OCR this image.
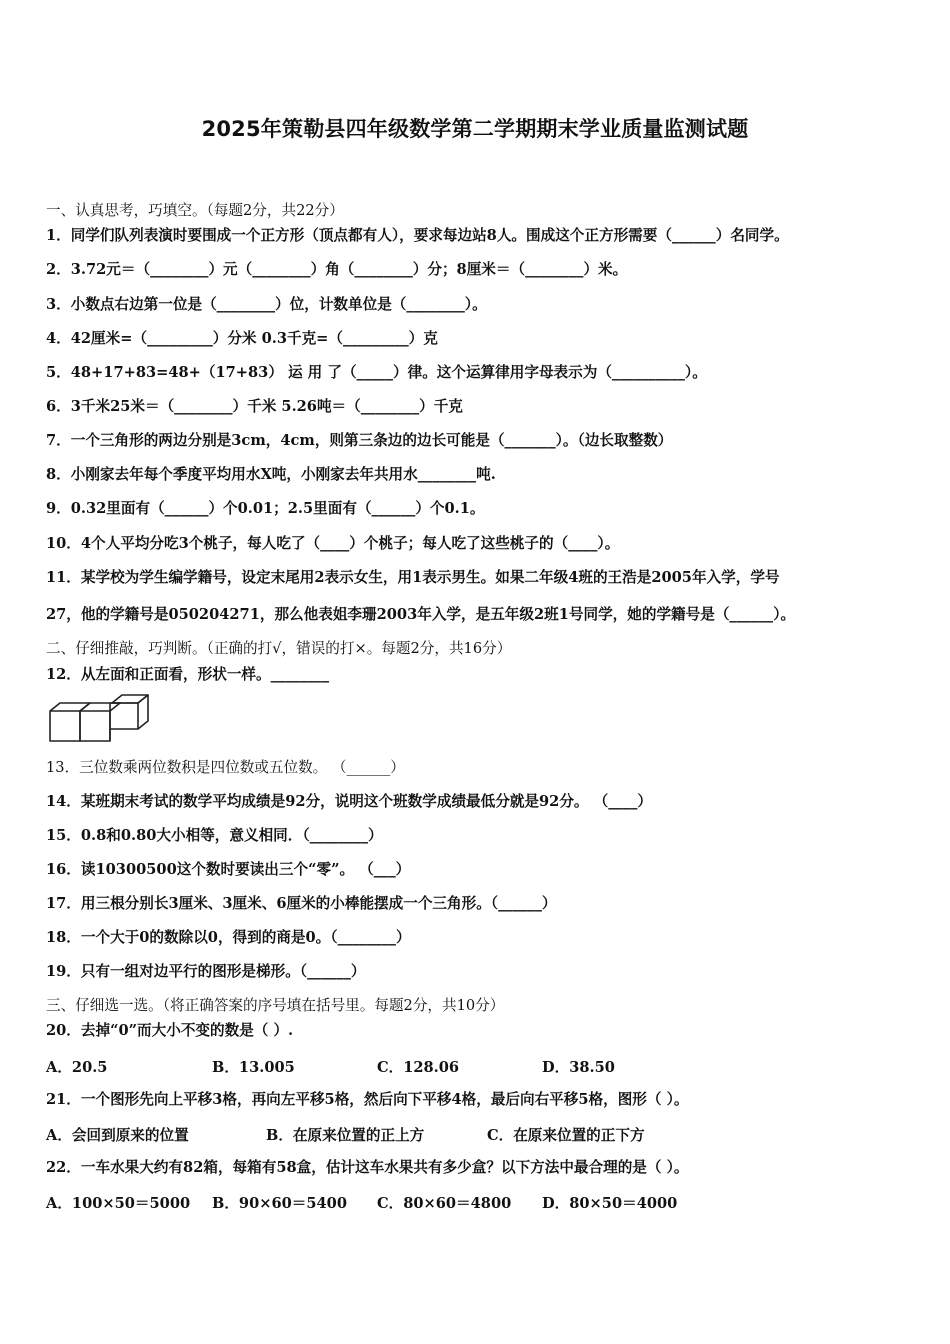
2025年策勒县四年级数学第二学期期末学业质量监测试题
一、认真思考，巧填空。（每题2分，共22分）
1．同学们队列表演时要围成一个正方形（顶点都有人），要求每边站8人。围成这个正方形需要（______）名同学。
2．3.72元＝（________）元（________）角（________）分；8厘米＝（________）米。
3．小数点右边第一位是（________）位，计数单位是（________）。
4．42厘米=（_________）分米 0.3千克=（_________）克
5．48+17+83=48+（17+83） 运 用 了（_____）律。这个运算律用字母表示为（__________）。
6．3千米25米＝（________）千米 5.26吨＝（________）千克
7．一个三角形的两边分别是3cm，4cm，则第三条边的边长可能是（_______）。（边长取整数）
8．小刚家去年每个季度平均用水X吨，小刚家去年共用水________吨.
9．0.32里面有（______）个0.01；2.5里面有（______）个0.1。
10．4个人平均分吃3个桃子，每人吃了（____）个桃子；每人吃了这些桃子的（____）。
11．某学校为学生编学籍号，设定末尾用2表示女生，用1表示男生。如果二年级4班的王浩是2005年入学，学号
27，他的学籍号是050204271，那么他表姐李珊2003年入学，是五年级2班1号同学，她的学籍号是（______）。
二、仔细推敲，巧判断。（正确的打√，错误的打×。每题2分，共16分）
12．从左面和正面看，形状一样。________
13．三位数乘两位数积是四位数或五位数。 （______）
14．某班期末考试的数学平均成绩是92分，说明这个班数学成绩最低分就是92分。 （____）
15．0.8和0.80大小相等，意义相同．（________）
16．读10300500这个数时要读出三个“零”。 （___）
17．用三根分别长3厘米、3厘米、6厘米的小棒能摆成一个三角形。（______）
18．一个大于0的数除以0，得到的商是0。（________）
19．只有一组对边平行的图形是梯形。（______）
三、仔细选一选。（将正确答案的序号填在括号里。每题2分，共10分）
20．去掉“0”而大小不变的数是（ ）.
A．20.5	B．13.005	C．128.06	D．38.50
21．一个图形先向上平移3格，再向左平移5格，然后向下平移4格，最后向右平移5格，图形（ ）。
A．会回到原来的位置	B．在原来位置的正上方	C．在原来位置的正下方
22．一车水果大约有82箱，每箱有58盒，估计这车水果共有多少盒？以下方法中最合理的是（ ）。
A．100×50＝5000 B．90×60＝5400 C．80×60＝4800 D．80×50＝4000
